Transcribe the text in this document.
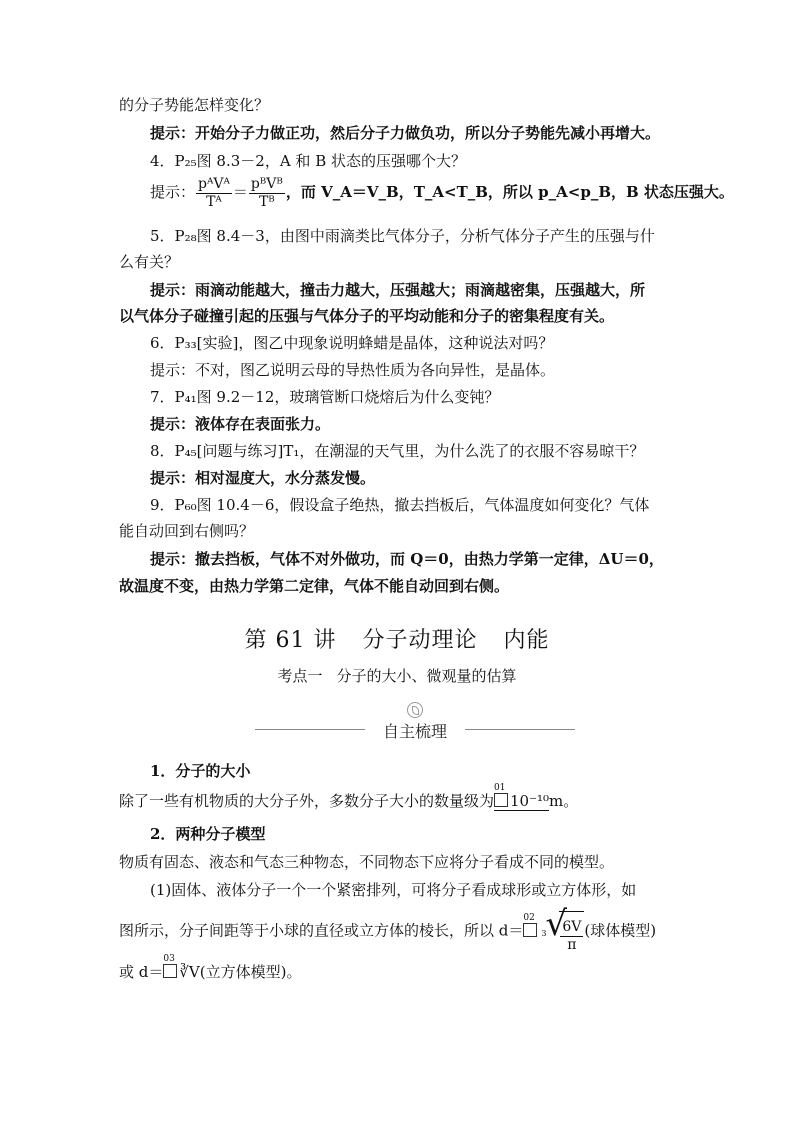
的分子势能怎样变化？
提示：开始分子力做正功，然后分子力做负功，所以分子势能先减小再增大。
4．P₂₅图 8.3－2，A 和 B 状态的压强哪个大？
提示： $\frac{\text{pᴬVᴬ}}{\text{Tᴬ}} = \frac{\text{pᴮVᴮ}}{\text{Tᴮ}}$ ，而 V_A＝V_B，T_A<T_B，所以 p_A<p_B，B 状态压强大。
5．P₂₈图 8.4－3，由图中雨滴类比气体分子，分析气体分子产生的压强与什
么有关？
提示：雨滴动能越大，撞击力越大，压强越大；雨滴越密集，压强越大，所
以气体分子碰撞引起的压强与气体分子的平均动能和分子的密集程度有关。
6．P₃₃[实验]，图乙中现象说明蜂蜡是晶体，这种说法对吗？
提示：不对，图乙说明云母的导热性质为各向异性，是晶体。
7．P₄₁图 9.2－12，玻璃管断口烧熔后为什么变钝？
提示：液体存在表面张力。
8．P₄₅[问题与练习]T₁，在潮湿的天气里，为什么洗了的衣服不容易晾干？
提示：相对湿度大，水分蒸发慢。
9．P₆₀图 10.4－6，假设盒子绝热，撤去挡板后，气体温度如何变化？气体
能自动回到右侧吗？
提示：撤去挡板，气体不对外做功，而 Q＝0，由热力学第一定律，ΔU＝0，
故温度不变，由热力学第二定律，气体不能自动回到右侧。
第 61 讲 分子动理论 内能
考点一 分子的大小、微观量的估算
自主梳理
1．分子的大小
除了一些有机物质的大分子外，多数分子大小的数量级为
01
10⁻¹⁰m。
2．两种分子模型
物质有固态、液态和气态三种物态，不同物态下应将分子看成不同的模型。
(1)固体、液体分子一个一个紧密排列，可将分子看成球形或立方体形，如
图所示，分子间距等于小球的直径或立方体的棱长，所以 d＝
02
3
√
$\frac{6V}{\pi}$ (球体模型)
或 d＝
03
∛V(立方体模型)。
